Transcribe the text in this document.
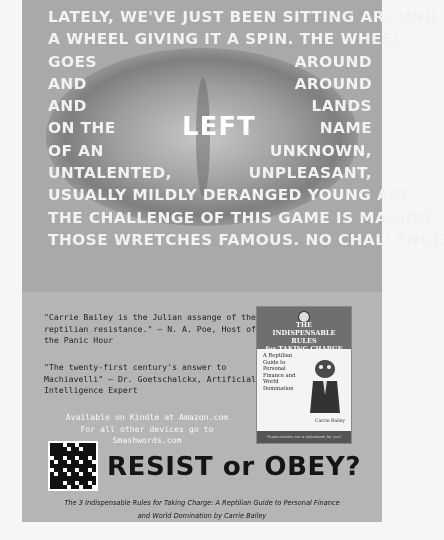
LEFT
LATELY, WE'VE JUST BEEN SITTING AROUND
A WHEEL GIVING IT A SPIN. THE WHEEL
GOES	AROUND
AND	AROUND
AND	LANDS
ON THE	NAME
OF AN	UNKNOWN,
UNTALENTED,	UNPLEASANT,
USUALLY MILDLY DERANGED YOUNG APE.
THE CHALLENGE OF THIS GAME IS MAKING
THOSE WRETCHES FAMOUS. NO CHALLENGE
"Carrie Bailey is the Julian assange of the reptilian resistance." — N. A. Poe, Host of the Panic Hour
"The twenty-first century's answer to Machiavelli" — Dr. Goetschalckx, Artificial Intelligence Expert
Available on Kindle at Amazon.com
For all other devices go to
Smashwords.com
THE
INDISPENSABLE RULES
for TAKING CHARGE
A Reptilian Guide to Personal Finance and World Domination
Carrie Bailey
"Super-villains are a dollarbook for you"
RESIST or OBEY?
The 3 Indispensable Rules for Taking Charge: A Reptilian Guide to Personal Finance
and World Domination by Carrie Bailey
